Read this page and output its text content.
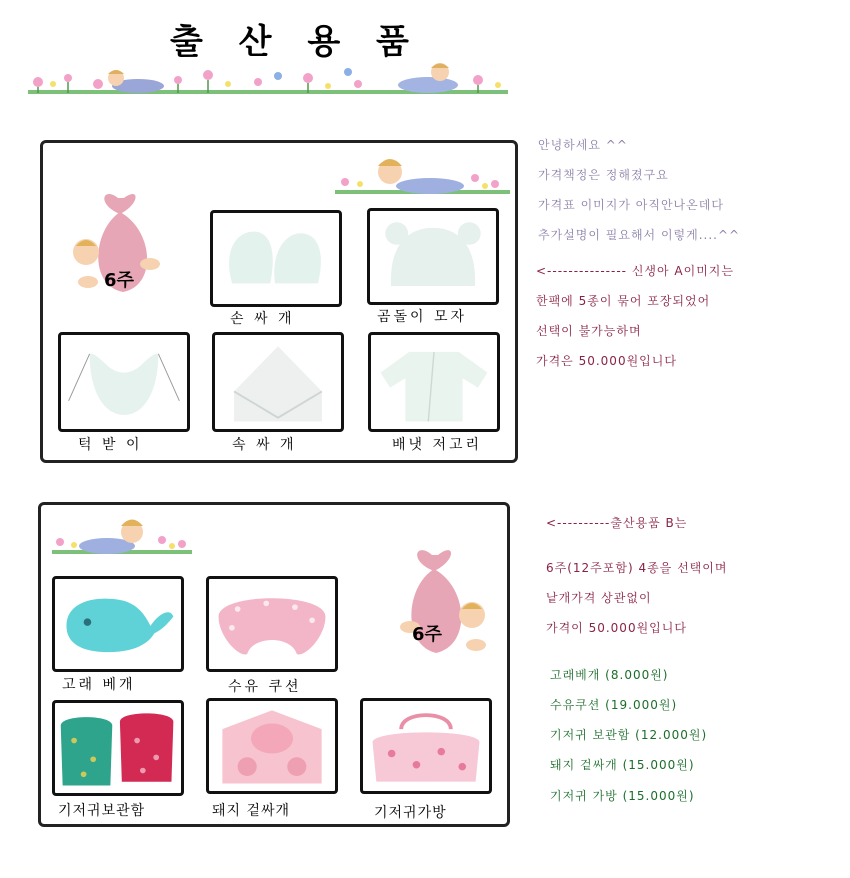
출 산 용 품
6주
손 싸 개	곰돌이 모자
턱 받 이	속 싸 개	배냇 저고리
안녕하세요 ^^
가격책정은 정해졌구요
가격표 이미지가 아직안나온데다
추가설명이 필요해서 이렇게....^^
<--------------- 신생아 A이미지는
한팩에 5종이 묶어 포장되었어
선택이 불가능하며
가격은 50.000원입니다
6주
고래 베개	수유 쿠션
기저귀보관함	돼지 겉싸개	기저귀가방
<----------출산용품 B는
6주(12주포함) 4종을 선택이며
낱개가격 상관없이
가격이 50.000원입니다
고래베개 (8.000원)
수유쿠션 (19.000원)
기저귀 보관함 (12.000원)
돼지 겉싸개 (15.000원)
기저귀 가방 (15.000원)
